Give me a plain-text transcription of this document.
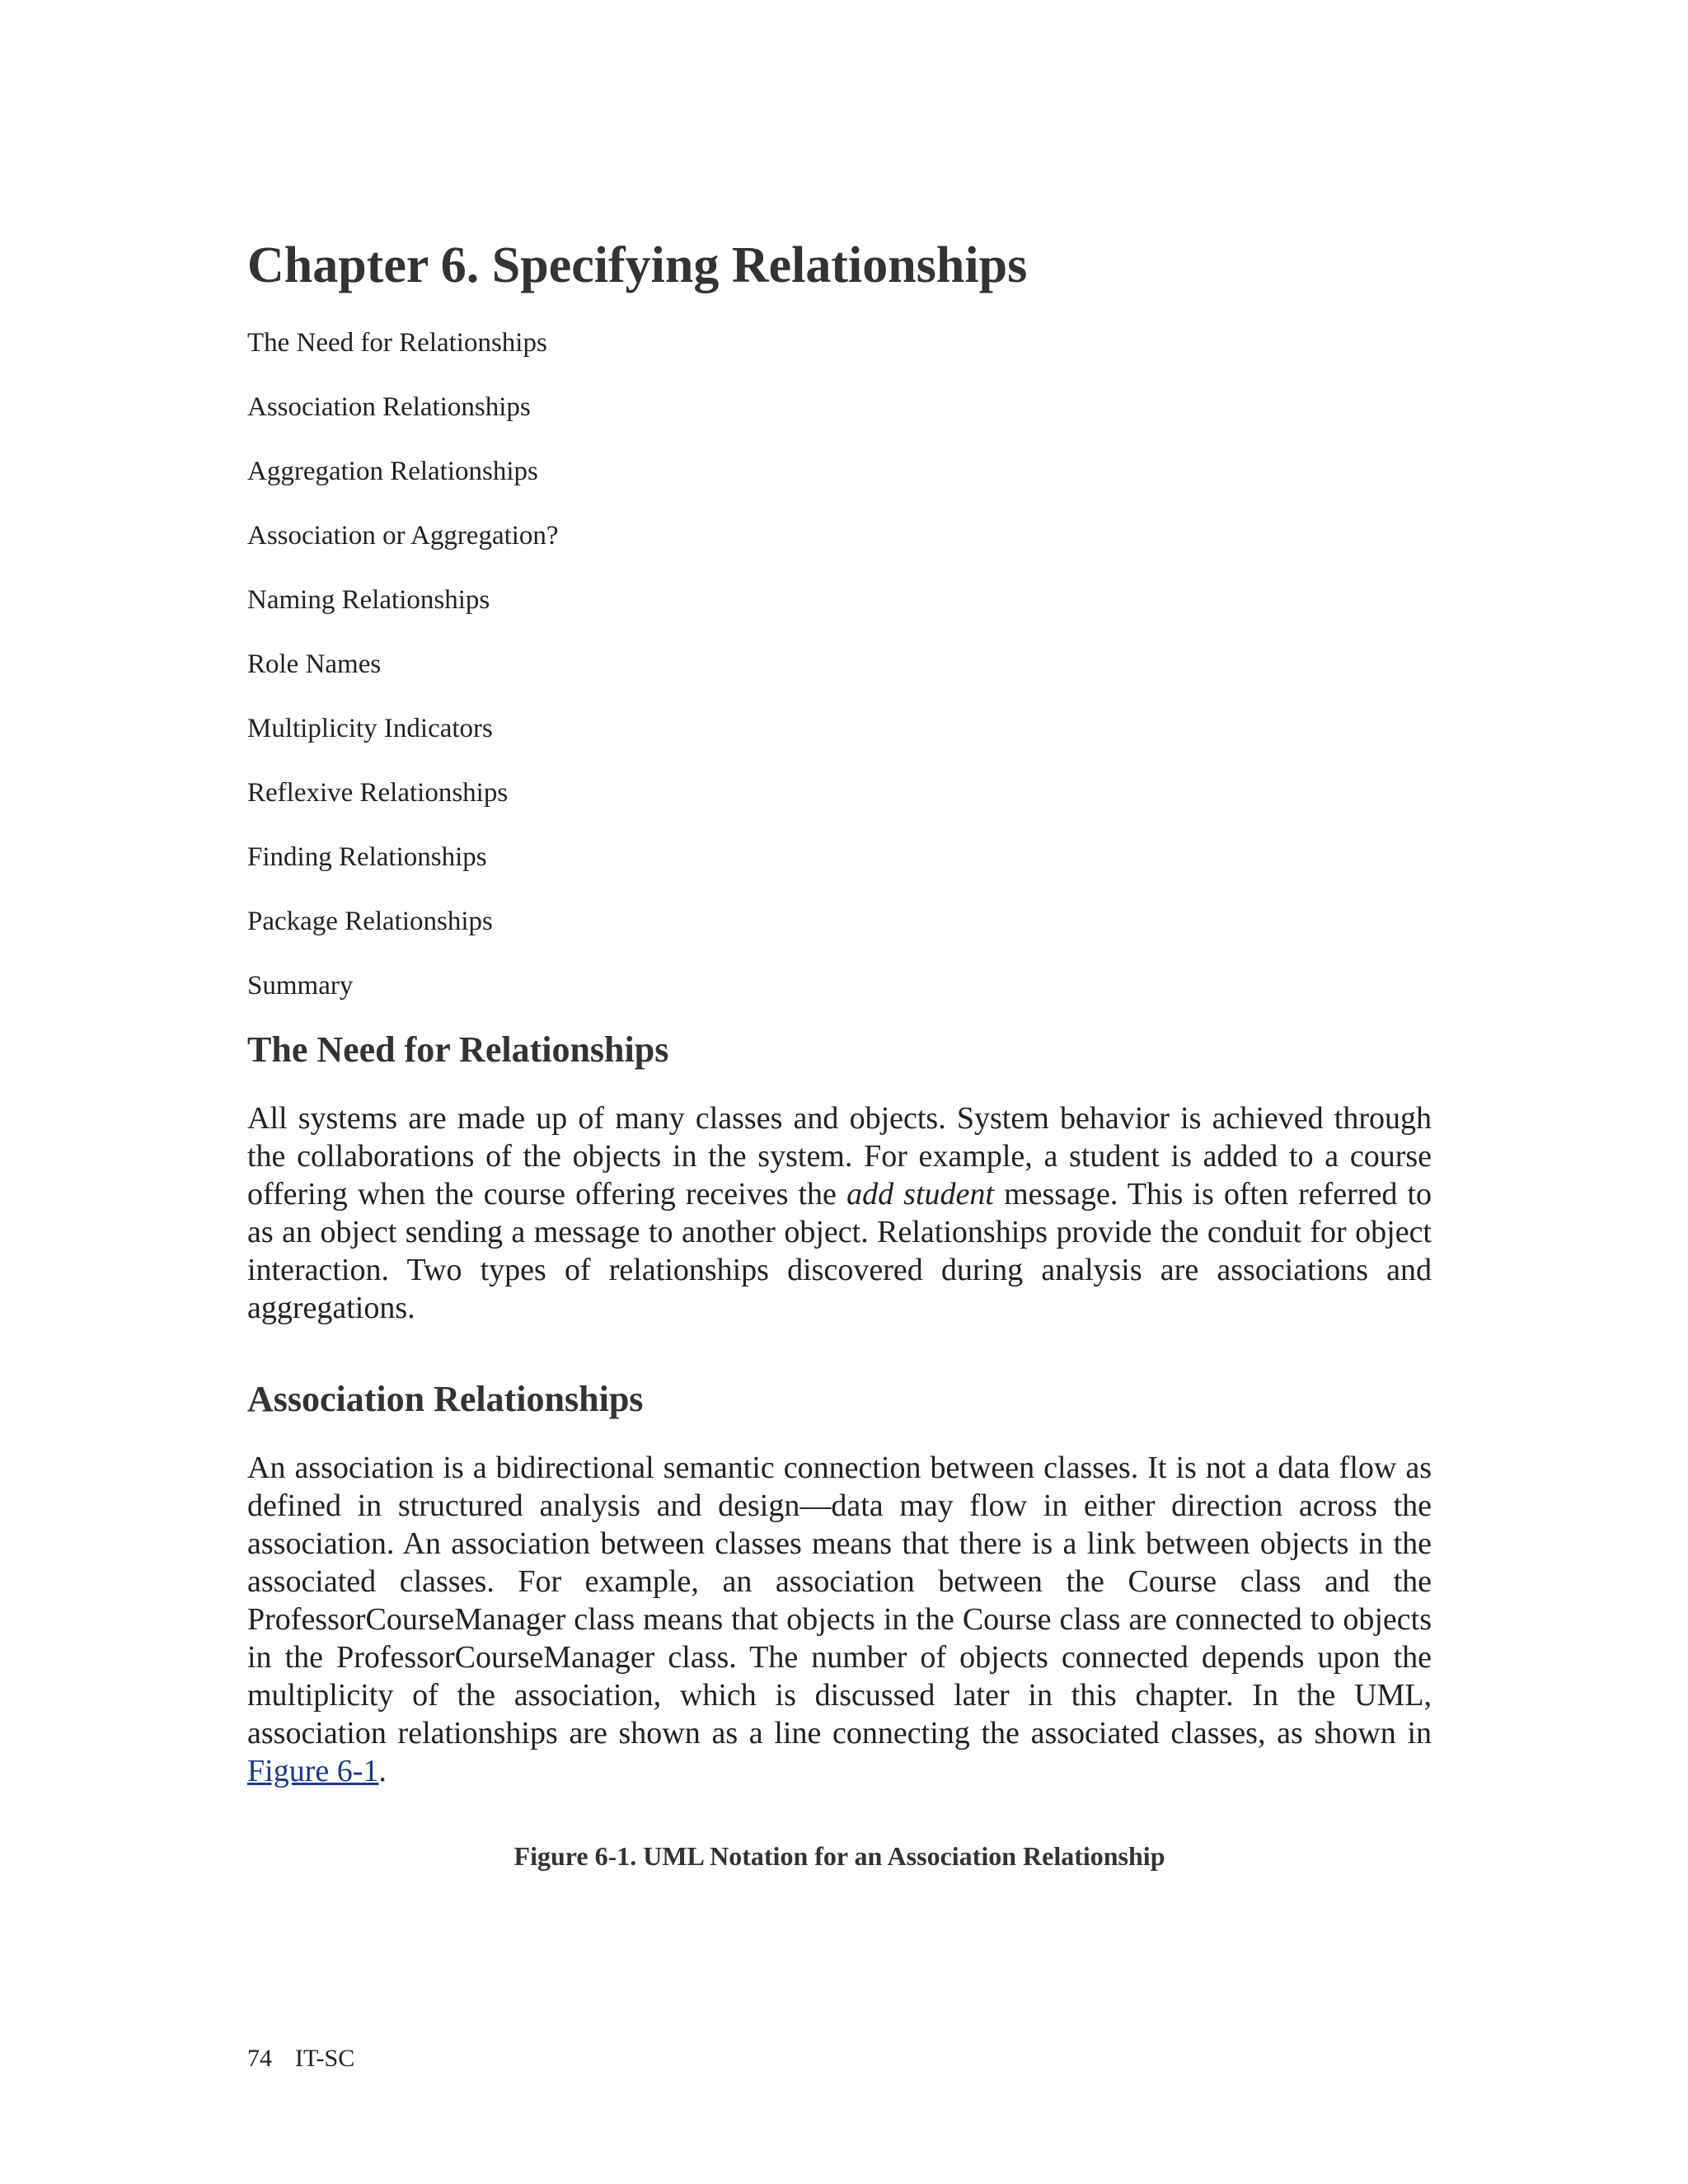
Chapter 6. Specifying Relationships
The Need for Relationships
Association Relationships
Aggregation Relationships
Association or Aggregation?
Naming Relationships
Role Names
Multiplicity Indicators
Reflexive Relationships
Finding Relationships
Package Relationships
Summary
The Need for Relationships

All systems are made up of many classes and objects. System behavior is achieved through the collaborations of the objects in the system. For example, a student is added to a course offering when the course offering receives the add student message. This is often referred to as an object sending a message to another object. Relationships provide the conduit for object interaction. Two types of relationships discovered during analysis are associations and aggregations.

Association Relationships

An association is a bidirectional semantic connection between classes. It is not a data flow as defined in structured analysis and design—data may flow in either direction across the association. An association between classes means that there is a link between objects in the associated classes. For example, an association between the Course class and the ProfessorCourseManager class means that objects in the Course class are connected to objects in the ProfessorCourseManager class. The number of objects connected depends upon the multiplicity of the association, which is discussed later in this chapter. In the UML, association relationships are shown as a line connecting the associated classes, as shown in Figure 6-1.

Figure 6-1. UML Notation for an Association Relationship
74 IT-SC
